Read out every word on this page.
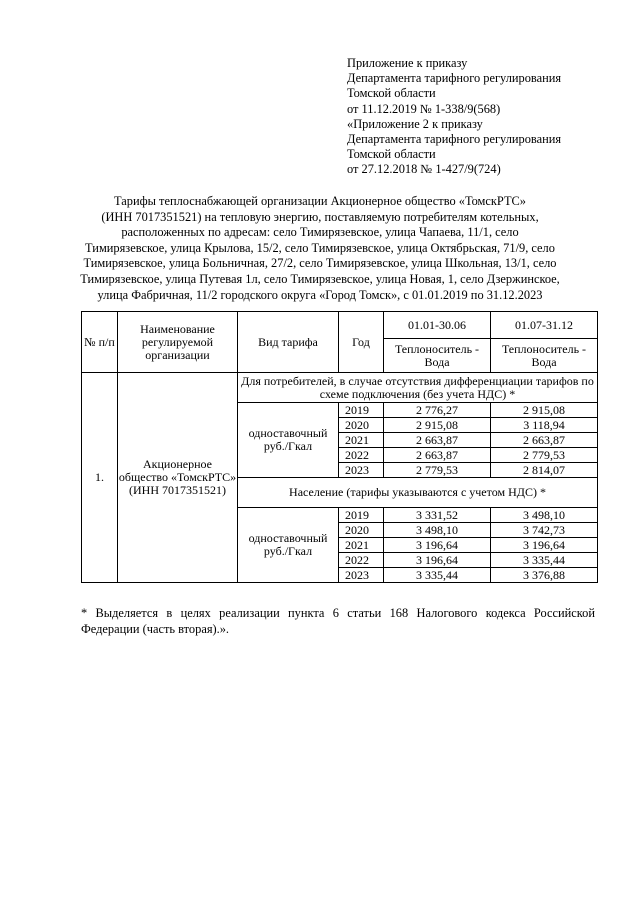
Приложение к приказу
Департамента тарифного регулирования
Томской области
от 11.12.2019 № 1-338/9(568)
«Приложение 2 к приказу
Департамента тарифного регулирования
Томской области
от 27.12.2018 № 1-427/9(724)
Тарифы теплоснабжающей организации Акционерное общество «ТомскРТС»
(ИНН 7017351521) на тепловую энергию, поставляемую потребителям котельных,
расположенных по адресам: село Тимирязевское, улица Чапаева, 11/1, село
Тимирязевское, улица Крылова, 15/2, село Тимирязевское, улица Октябрьская, 71/9, село
Тимирязевское, улица Больничная, 27/2, село Тимирязевское, улица Школьная, 13/1, село
Тимирязевское, улица Путевая 1л, село Тимирязевское, улица Новая, 1, село Дзержинское,
улица Фабричная, 11/2 городского округа «Город Томск», с 01.01.2019 по 31.12.2023
№ п/п	Наименование регулируемой организации	Вид тарифа	Год	01.01-30.06	01.07-31.12
				Теплоноситель - Вода	Теплоноситель - Вода
1.	Акционерное общество «ТомскРТС» (ИНН 7017351521)	Для потребителей, в случае отсутствия дифференциации тарифов по схеме подключения (без учета НДС) *			
		одноставочный руб./Гкал	2019	2 776,27	2 915,08
			2020	2 915,08	3 118,94
			2021	2 663,87	2 663,87
			2022	2 663,87	2 779,53
			2023	2 779,53	2 814,07
		Население (тарифы указываются с учетом НДС) *			
		одноставочный руб./Гкал	2019	3 331,52	3 498,10
			2020	3 498,10	3 742,73
			2021	3 196,64	3 196,64
			2022	3 196,64	3 335,44
			2023	3 335,44	3 376,88
* Выделяется в целях реализации пункта 6 статьи 168 Налогового кодекса Российской Федерации (часть вторая).».
